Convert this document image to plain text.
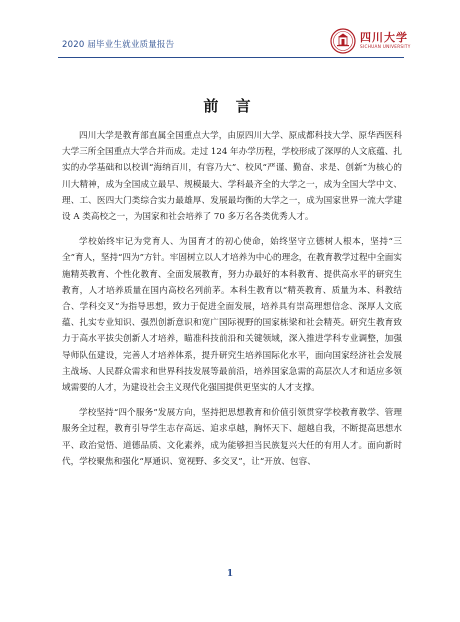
2020 届毕业生就业质量报告
四川大学
SICHUAN UNIVERSITY
前 言

四川大学是教育部直属全国重点大学，由原四川大学、原成都科技大学、原华西医科大学三所全国重点大学合并而成。走过 124 年办学历程，学校形成了深厚的人文底蕴、扎实的办学基础和以校训“海纳百川，有容乃大”、校风“严谨、勤奋、求是、创新”为核心的川大精神，成为全国成立最早、规模最大、学科最齐全的大学之一，成为全国大学中文、理、工、医四大门类综合实力最雄厚、发展最均衡的大学之一，成为国家世界一流大学建设 A 类高校之一，为国家和社会培养了 70 多万名各类优秀人才。

学校始终牢记为党育人、为国育才的初心使命，始终坚守立德树人根本，坚持“三全”育人，坚持“四为”方针。牢固树立以人才培养为中心的理念，在教育教学过程中全面实施精英教育、个性化教育、全面发展教育，努力办最好的本科教育、提供高水平的研究生教育，人才培养质量在国内高校名列前茅。本科生教育以“精英教育、质量为本、科教结合、学科交叉”为指导思想，致力于促进全面发展，培养具有崇高理想信念、深厚人文底蕴、扎实专业知识、强烈创新意识和宽广国际视野的国家栋梁和社会精英。研究生教育致力于高水平拔尖创新人才培养，瞄准科技前沿和关键领域，深入推进学科专业调整，加强导师队伍建设，完善人才培养体系，提升研究生培养国际化水平，面向国家经济社会发展主战场、人民群众需求和世界科技发展等最前沿，培养国家急需的高层次人才和适应多领域需要的人才，为建设社会主义现代化强国提供更坚实的人才支撑。

学校坚持“四个服务”发展方向，坚持把思想教育和价值引领贯穿学校教育教学、管理服务全过程，教育引导学生志存高远、追求卓越，胸怀天下、超越自我，不断提高思想水平、政治觉悟、道德品质、文化素养，成为能够担当民族复兴大任的有用人才。面向新时代，学校聚焦和强化“厚通识、宽视野、多交叉”，让“开放、包容、

1
